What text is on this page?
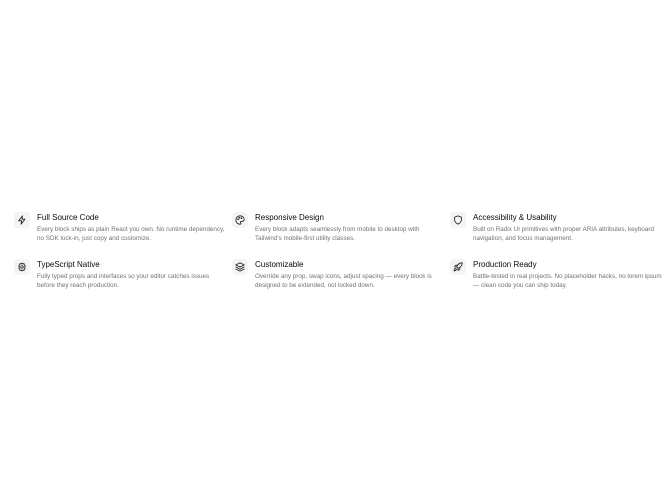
Full Source Code
Every block ships as plain React you own. No runtime dependency, no SDK lock-in, just copy and customize.
Responsive Design
Every block adapts seamlessly from mobile to desktop with Tailwind's mobile-first utility classes.
Accessibility & Usability
Built on Radix UI primitives with proper ARIA attributes, keyboard navigation, and focus management.
TypeScript Native
Fully typed props and interfaces so your editor catches issues before they reach production.
Customizable
Override any prop, swap icons, adjust spacing — every block is designed to be extended, not locked down.
Production Ready
Battle-tested in real projects. No placeholder hacks, no lorem ipsum — clean code you can ship today.
